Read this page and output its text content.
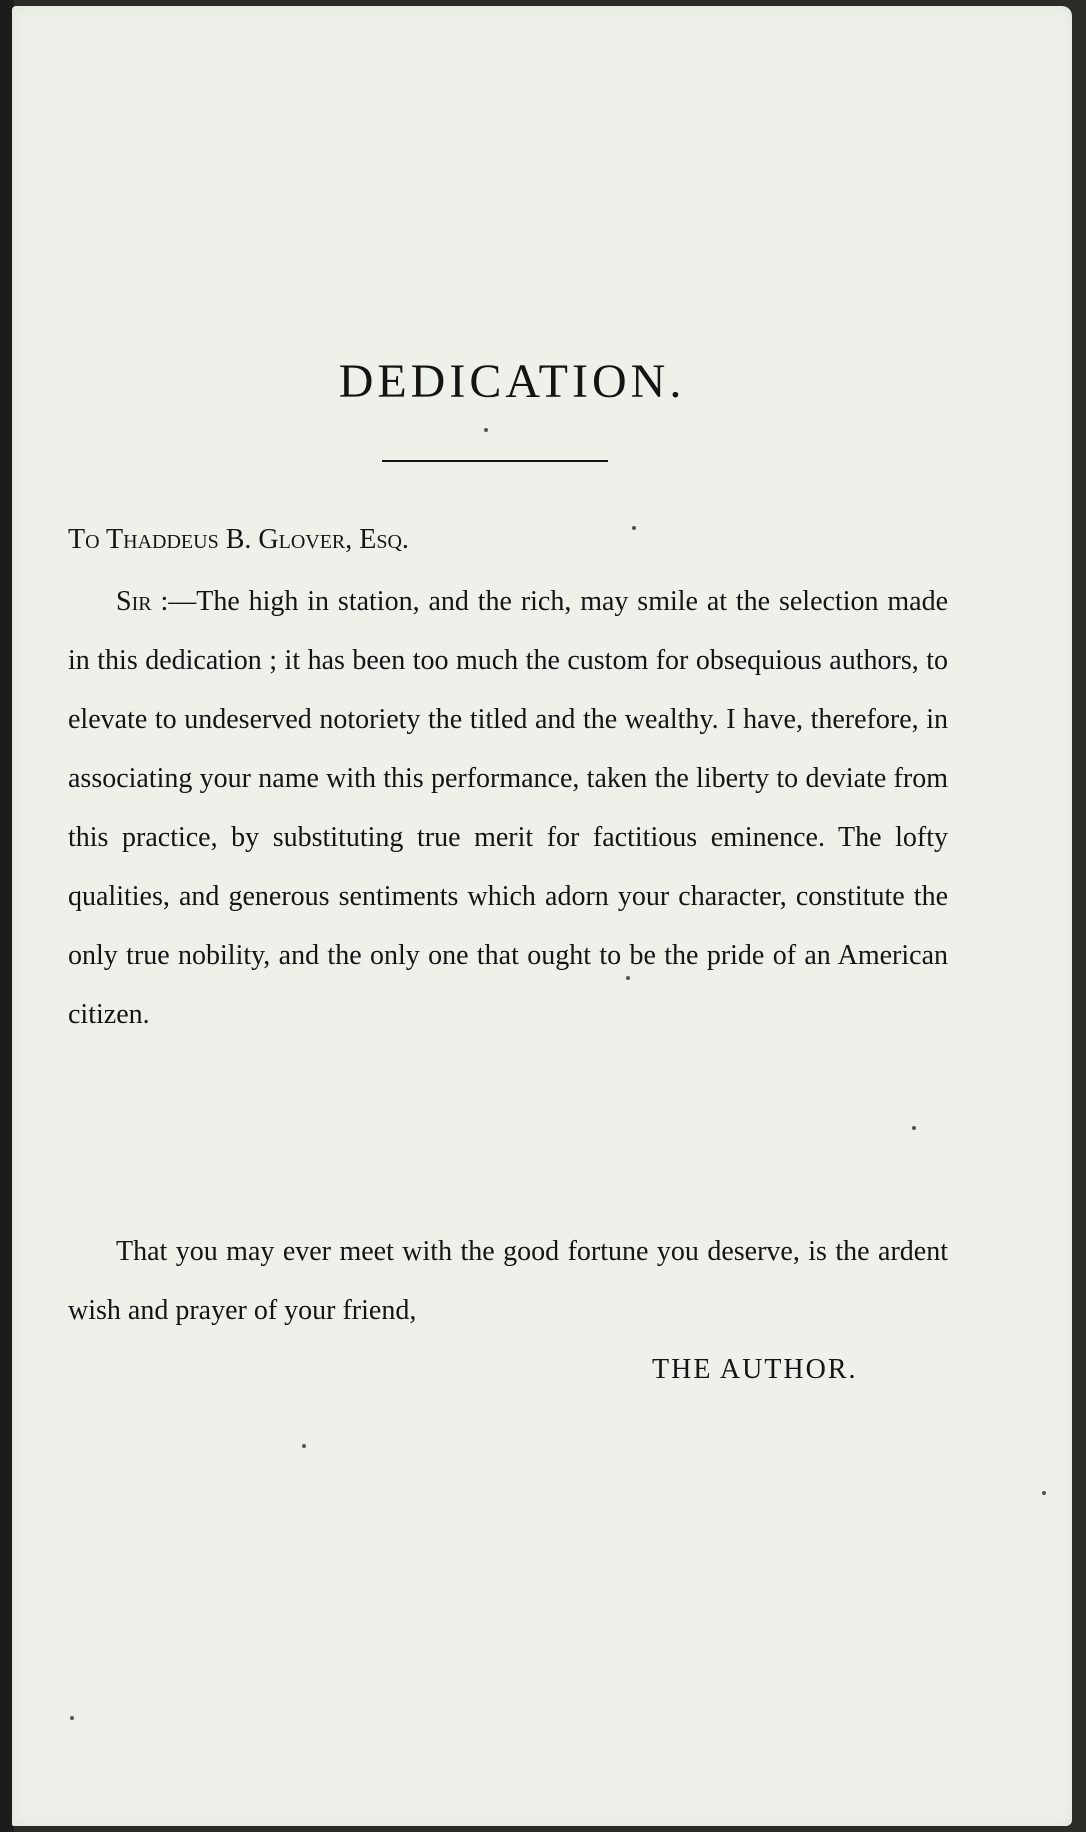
DEDICATION.

To Thaddeus B. Glover, Esq.

Sir :—The high in station, and the rich, may smile at the selection made in this dedication ; it has been too much the custom for obsequious authors, to elevate to undeserved notoriety the titled and the wealthy. I have, therefore, in associating your name with this performance, taken the liberty to deviate from this practice, by substituting true merit for factitious eminence. The lofty qualities, and generous sentiments which adorn your character, constitute the only true nobility, and the only one that ought to be the pride of an American citizen.

That you may ever meet with the good fortune you deserve, is the ardent wish and prayer of your friend,

THE AUTHOR.
